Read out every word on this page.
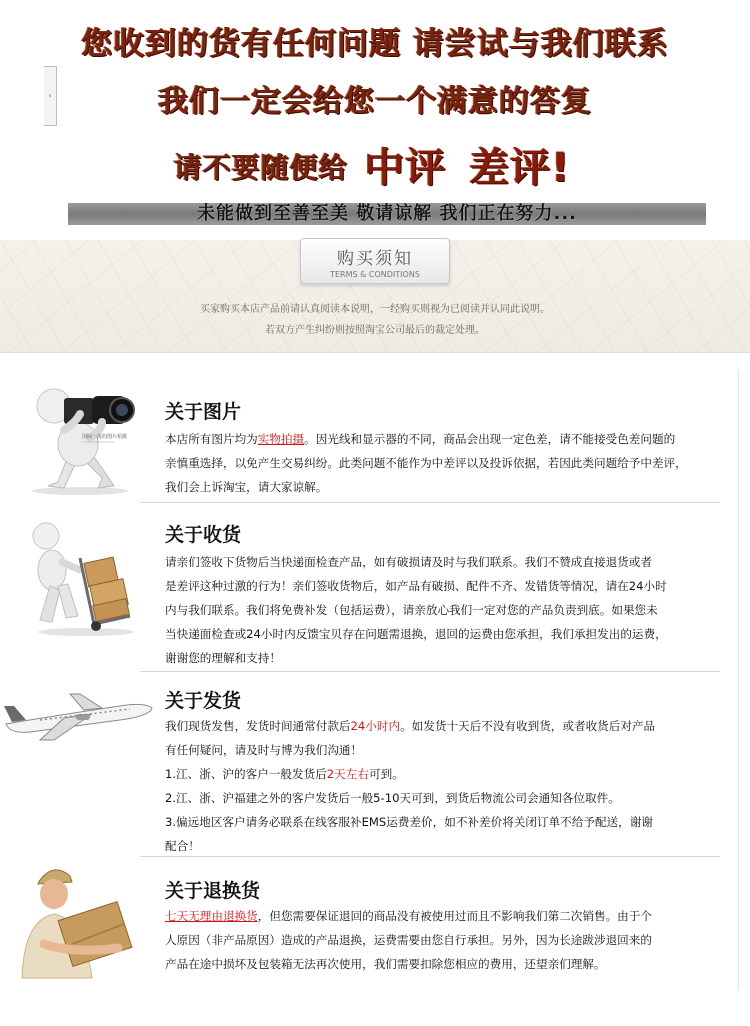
‹
您收到的货有任何问题 请尝试与我们联系
我们一定会给您一个满意的答复
请不要随便给 中评 差评!
未能做到至善至美 敬请谅解 我们正在努力...
购买须知
TERMS & CONDITIONS
买家购买本店产品前请认真阅读本说明，一经购买则视为已阅读并认同此说明。
若双方产生纠纷则按照淘宝公司最后的裁定处理。
国际一流的图片拍摄
关于图片
本店所有图片均为实物拍摄。因光线和显示器的不同，商品会出现一定色差，请不能接受色差问题的
亲慎重选择，以免产生交易纠纷。此类问题不能作为中差评以及投诉依据，若因此类问题给予中差评，
我们会上诉淘宝，请大家谅解。
关于收货
请亲们签收下货物后当快递面检查产品，如有破损请及时与我们联系。我们不赞成直接退货或者
是差评这种过激的行为！亲们签收货物后，如产品有破损、配件不齐、发错货等情况，请在24小时
内与我们联系。我们将免费补发（包括运费），请亲放心我们一定对您的产品负责到底。如果您未
当快递面检查或24小时内反馈宝贝存在问题需退换，退回的运费由您承担，我们承担发出的运费，
谢谢您的理解和支持！
关于发货
我们现货发售，发货时间通常付款后24小时内。如发货十天后不没有收到货，或者收货后对产品
有任何疑问，请及时与博为我们沟通！
1.江、浙、沪的客户一般发货后2天左右可到。
2.江、浙、沪福建之外的客户发货后一般5-10天可到，到货后物流公司会通知各位取件。
3.偏远地区客户请务必联系在线客服补EMS运费差价，如不补差价将关闭订单不给予配送，谢谢
配合！
关于退换货
七天无理由退换货，但您需要保证退回的商品没有被使用过而且不影响我们第二次销售。由于个
人原因（非产品原因）造成的产品退换，运费需要由您自行承担。另外，因为长途跋涉退回来的
产品在途中损坏及包装箱无法再次使用，我们需要扣除您相应的费用，还望亲们理解。
